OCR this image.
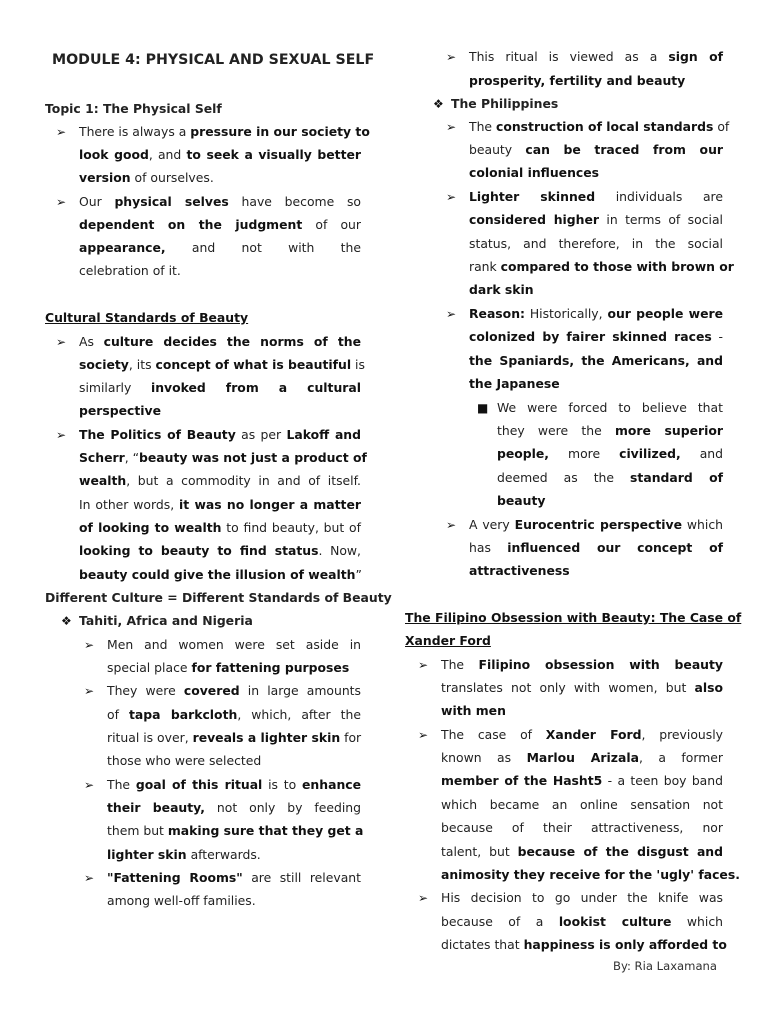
MODULE 4: PHYSICAL AND SEXUAL SELF
Topic 1: The Physical Self
➢ There is always a pressure in our society to
look good, and to seek a visually better
version of ourselves.
➢ Our physical selves have become so
dependent on the judgment of our
appearance, and not with the
celebration of it.
Cultural Standards of Beauty
➢ As culture decides the norms of the
society, its concept of what is beautiful is
similarly invoked from a cultural
perspective
➢ The Politics of Beauty as per Lakoff and
Scherr, “beauty was not just a product of
wealth, but a commodity in and of itself.
In other words, it was no longer a matter
of looking to wealth to find beauty, but of
looking to beauty to find status. Now,
beauty could give the illusion of wealth”
Different Culture = Different Standards of Beauty
❖ Tahiti, Africa and Nigeria
➢ Men and women were set aside in
special place for fattening purposes
➢ They were covered in large amounts
of tapa barkcloth, which, after the
ritual is over, reveals a lighter skin for
those who were selected
➢ The goal of this ritual is to enhance
their beauty, not only by feeding
them but making sure that they get a
lighter skin afterwards.
➢ "Fattening Rooms" are still relevant
among well-off families.
➢ This ritual is viewed as a sign of
prosperity, fertility and beauty
❖ The Philippines
➢ The construction of local standards of
beauty can be traced from our
colonial influences
➢ Lighter skinned individuals are
considered higher in terms of social
status, and therefore, in the social
rank compared to those with brown or
dark skin
➢ Reason: Historically, our people were
colonized by fairer skinned races -
the Spaniards, the Americans, and
the Japanese
■ We were forced to believe that
they were the more superior
people, more civilized, and
deemed as the standard of
beauty
➢ A very Eurocentric perspective which
has influenced our concept of
attractiveness
The Filipino Obsession with Beauty: The Case of
Xander Ford
➢ The Filipino obsession with beauty
translates not only with women, but also
with men
➢ The case of Xander Ford, previously
known as Marlou Arizala, a former
member of the Hasht5 - a teen boy band
which became an online sensation not
because of their attractiveness, nor
talent, but because of the disgust and
animosity they receive for the 'ugly' faces.
➢ His decision to go under the knife was
because of a lookist culture which
dictates that happiness is only afforded to
By: Ria Laxamana
